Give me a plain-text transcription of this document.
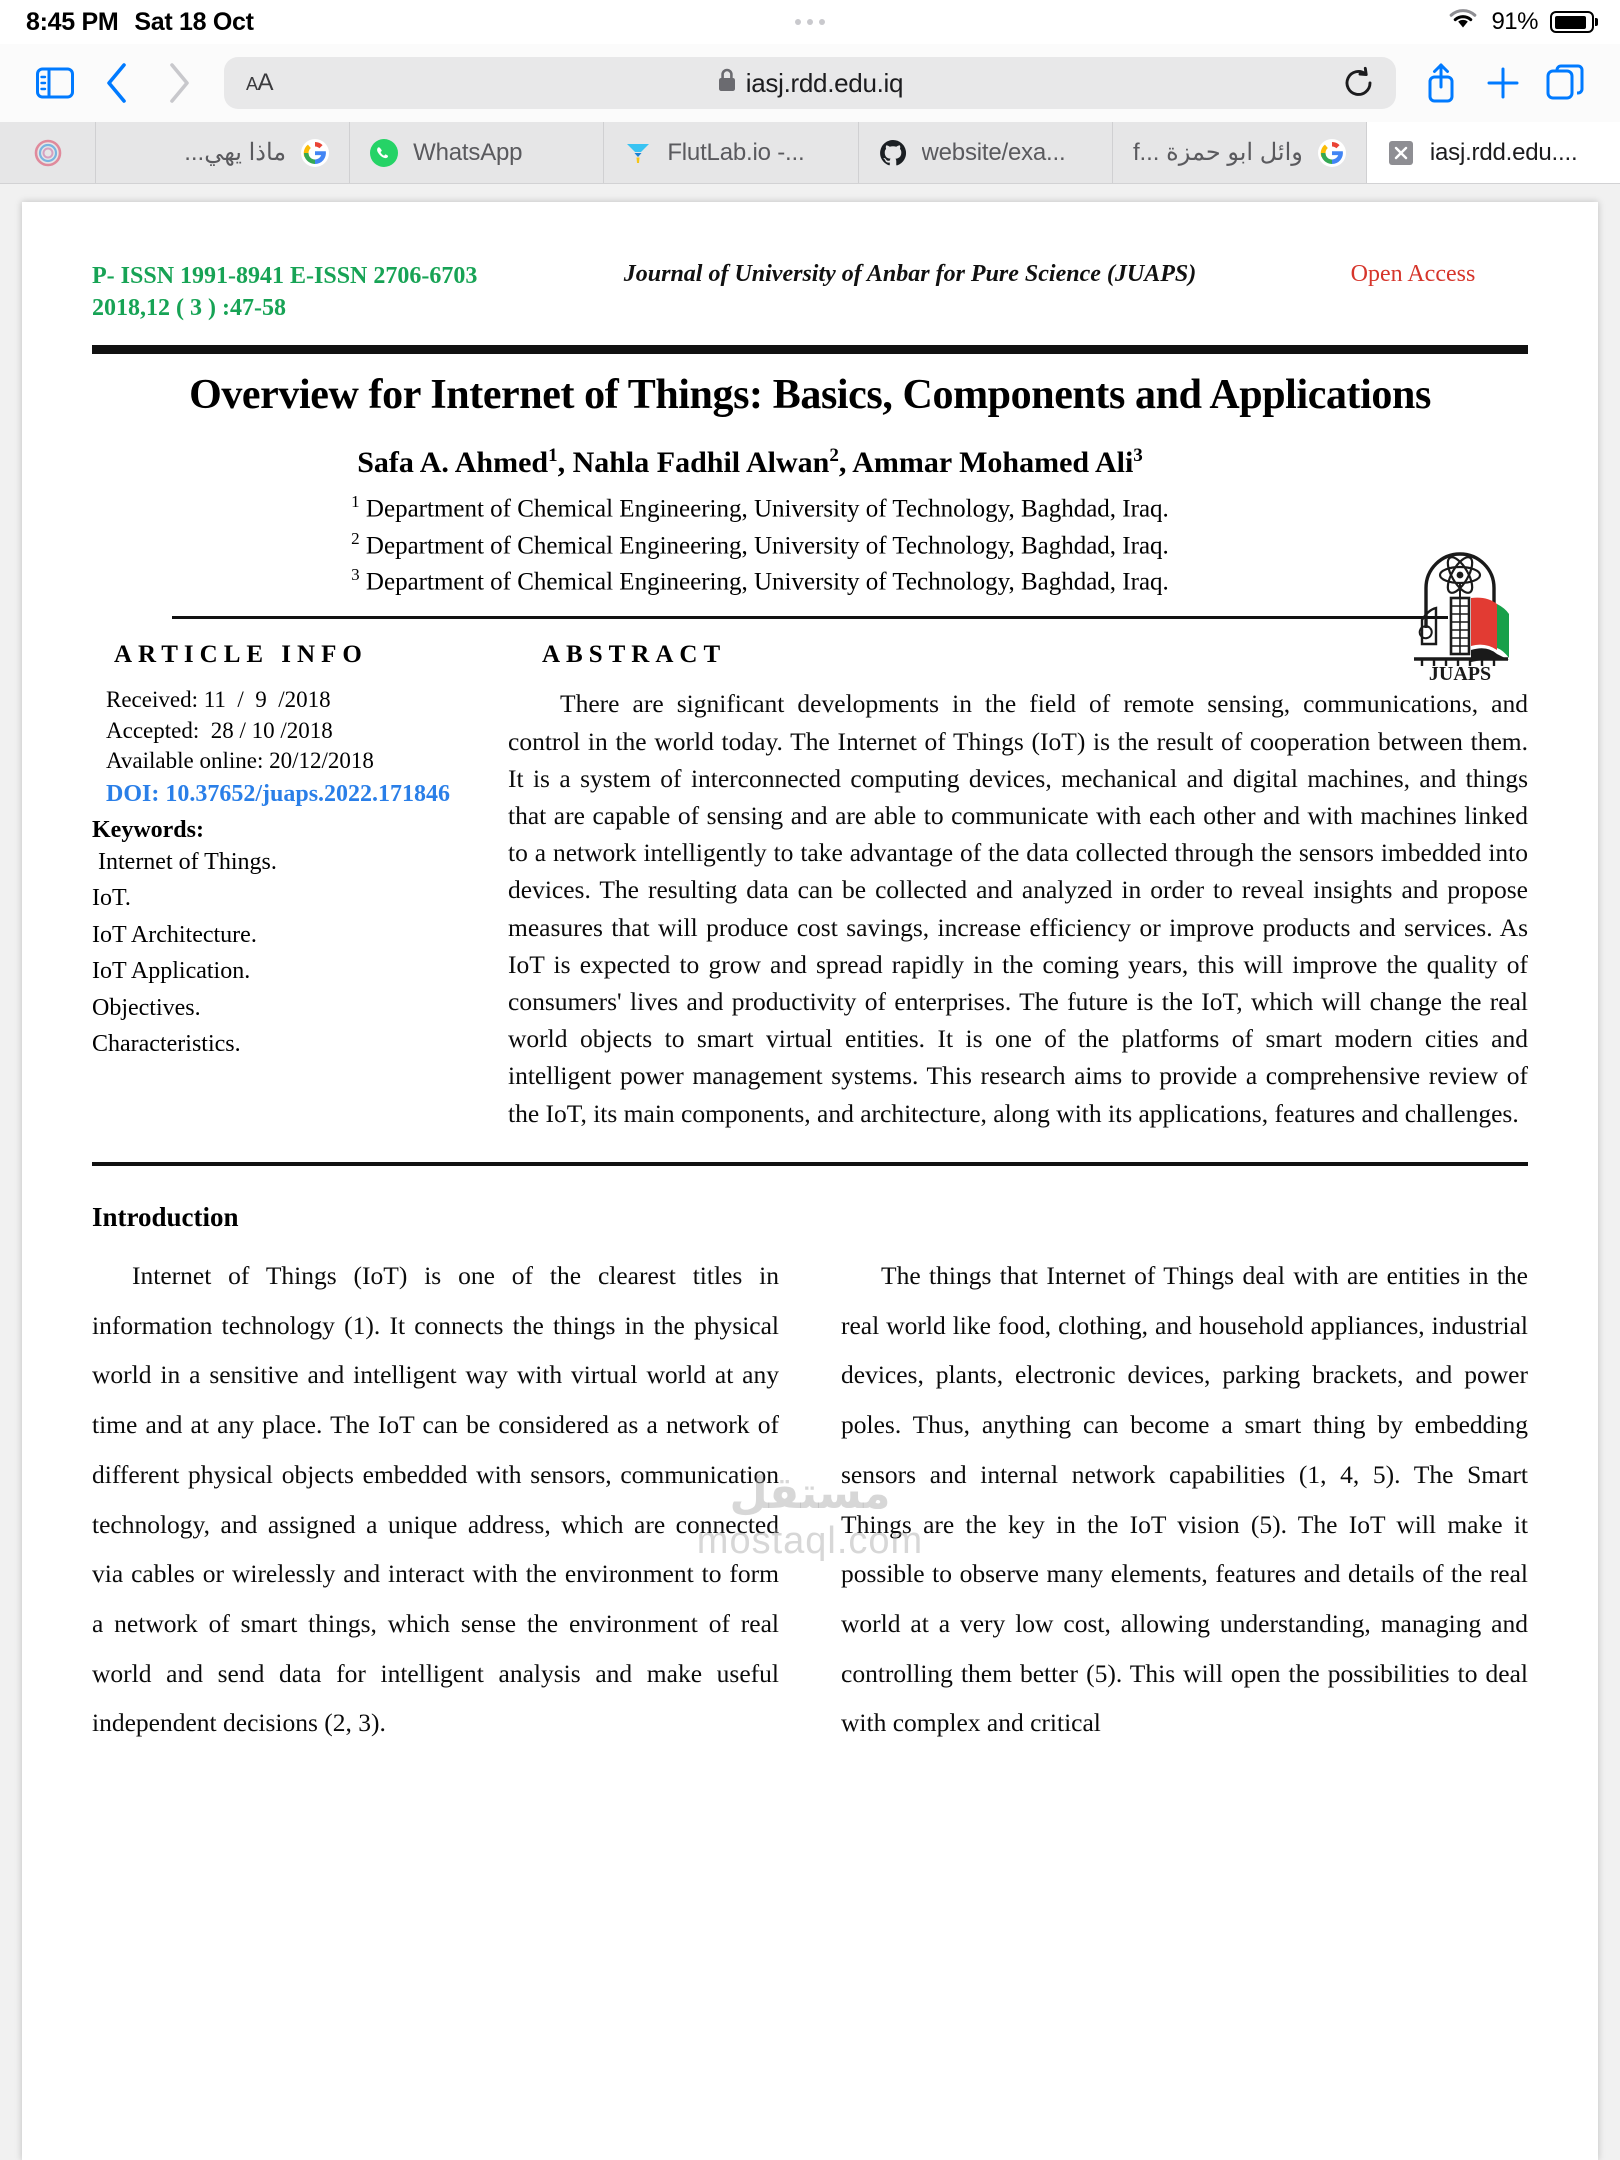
8:45 PM Sat 18 Oct	91%
AA	iasj.rdd.edu.iq
ماذا يهي...	WhatsApp	FlutLab.io -...	website/exa...	وائل ابو حمزة ...f	iasj.rdd.edu....
P- ISSN 1991-8941 E-ISSN 2706-6703
2018,12 ( 3 ) :47-58
Journal of University of Anbar for Pure Science (JUAPS)	Open Access
Overview for Internet of Things: Basics, Components and Applications
Safa A. Ahmed$^1$, Nahla Fadhil Alwan$^2$, Ammar Mohamed Ali$^3$
$^1$ Department of Chemical Engineering, University of Technology, Baghdad, Iraq.
$^2$ Department of Chemical Engineering, University of Technology, Baghdad, Iraq.
$^3$ Department of Chemical Engineering, University of Technology, Baghdad, Iraq.
JUAPS
ARTICLE INFO
Received: 11  /  9  /2018
Accepted:  28 / 10 /2018
Available online: 20/12/2018
DOI: 10.37652/juaps.2022.171846
Keywords:
Internet of Things.
IoT.
IoT Architecture.
IoT Application.
Objectives.
Characteristics.
ABSTRACT
There are significant developments in the field of remote sensing, communications, and control in the world today. The Internet of Things (IoT) is the result of cooperation between them. It is a system of interconnected computing devices, mechanical and digital machines, and things that are capable of sensing and are able to communicate with each other and with machines linked to a network intelligently to take advantage of the data collected through the sensors imbedded into devices. The resulting data can be collected and analyzed in order to reveal insights and propose measures that will produce cost savings, increase efficiency or improve products and services. As IoT is expected to grow and spread rapidly in the coming years, this will improve the quality of consumers' lives and productivity of enterprises. The future is the IoT, which will change the real world objects to smart virtual entities. It is one of the platforms of smart modern cities and intelligent power management systems. This research aims to provide a comprehensive review of the IoT, its main components, and architecture, along with its applications, features and challenges.
Introduction

Internet of Things (IoT) is one of the clearest titles in information technology (1). It connects the things in the physical world in a sensitive and intelligent way with virtual world at any time and at any place. The IoT can be considered as a network of different physical objects embedded with sensors, communication technology, and assigned a unique address, which are connected via cables or wirelessly and interact with the environment to form a network of smart things, which sense the environment of real world and send data for intelligent analysis and make useful independent decisions (2, 3).

The things that Internet of Things deal with are entities in the real world like food, clothing, and household appliances, industrial devices, plants, electronic devices, parking brackets, and power poles. Thus, anything can become a smart thing by embedding sensors and internal network capabilities (1, 4, 5). The Smart Things are the key in the IoT vision (5). The IoT will make it possible to observe many elements, features and details of the real world at a very low cost, allowing understanding, managing and controlling them better (5). This will open the possibilities to deal with complex and critical

مستقل
mostaql.com
